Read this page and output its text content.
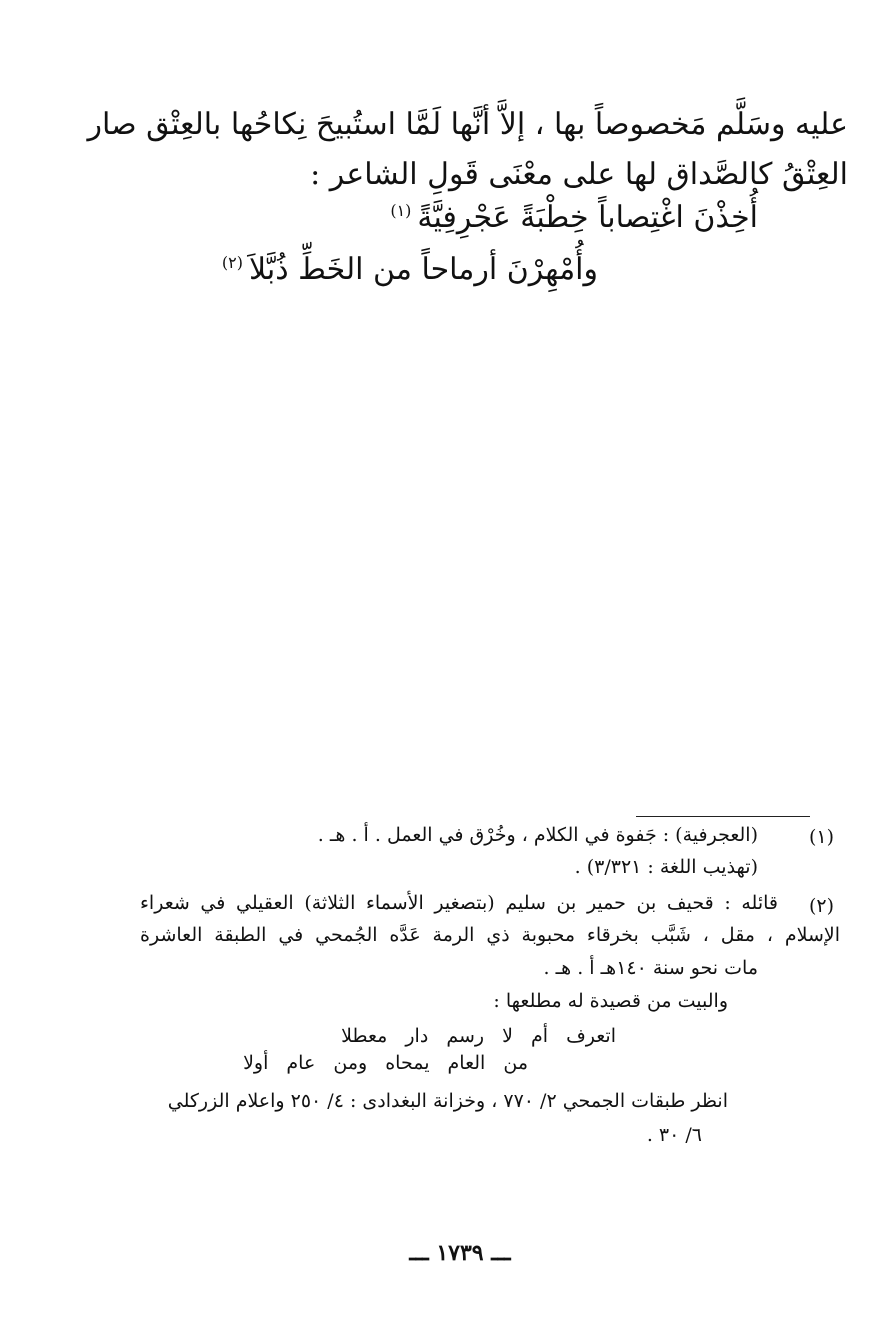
عليه وسَلَّم مَخصوصاً بها ، إلاَّ أنَّها لَمَّا استُبيحَ نِكاحُها بالعِتْق صار
العِتْقُ كالصَّداق لها على معْنَى قَولِ الشاعر :
أُخِذْنَ اغْتِصاباً خِطْبَةً عَجْرِفِيَّةً$^{(١)}$
وأُمْهِرْنَ أرماحاً من الخَطِّ ذُبَّلاَ$^{(٢)}$
(١)
(العجرفية) : جَفوة في الكلام ، وخُرْق في العمل . أ . هـ .
(تهذيب اللغة : ٣/٣٢١) .
(٢)
قائله : قحيف بن حمير بن سليم (بتصغير الأسماء الثلاثة) العقيلي في شعراء
الإسلام ، مقل ، شَبَّب بخرقاء محبوبة ذي الرمة عَدَّه الجُمحي في الطبقة العاشرة
مات نحو سنة ١٤٠هـ أ . هـ .
والبيت من قصيدة له مطلعها :
اتعرف أم لا رسم دار معطلا
من العام يمحاه ومن عام أولا
انظر طبقات الجمحي ٢/ ٧٧٠ ، وخزانة البغدادى : ٤/ ٢٥٠ واعلام الزركلي
٦/ ٣٠ .
ـــ ١٧٣٩ ـــ
